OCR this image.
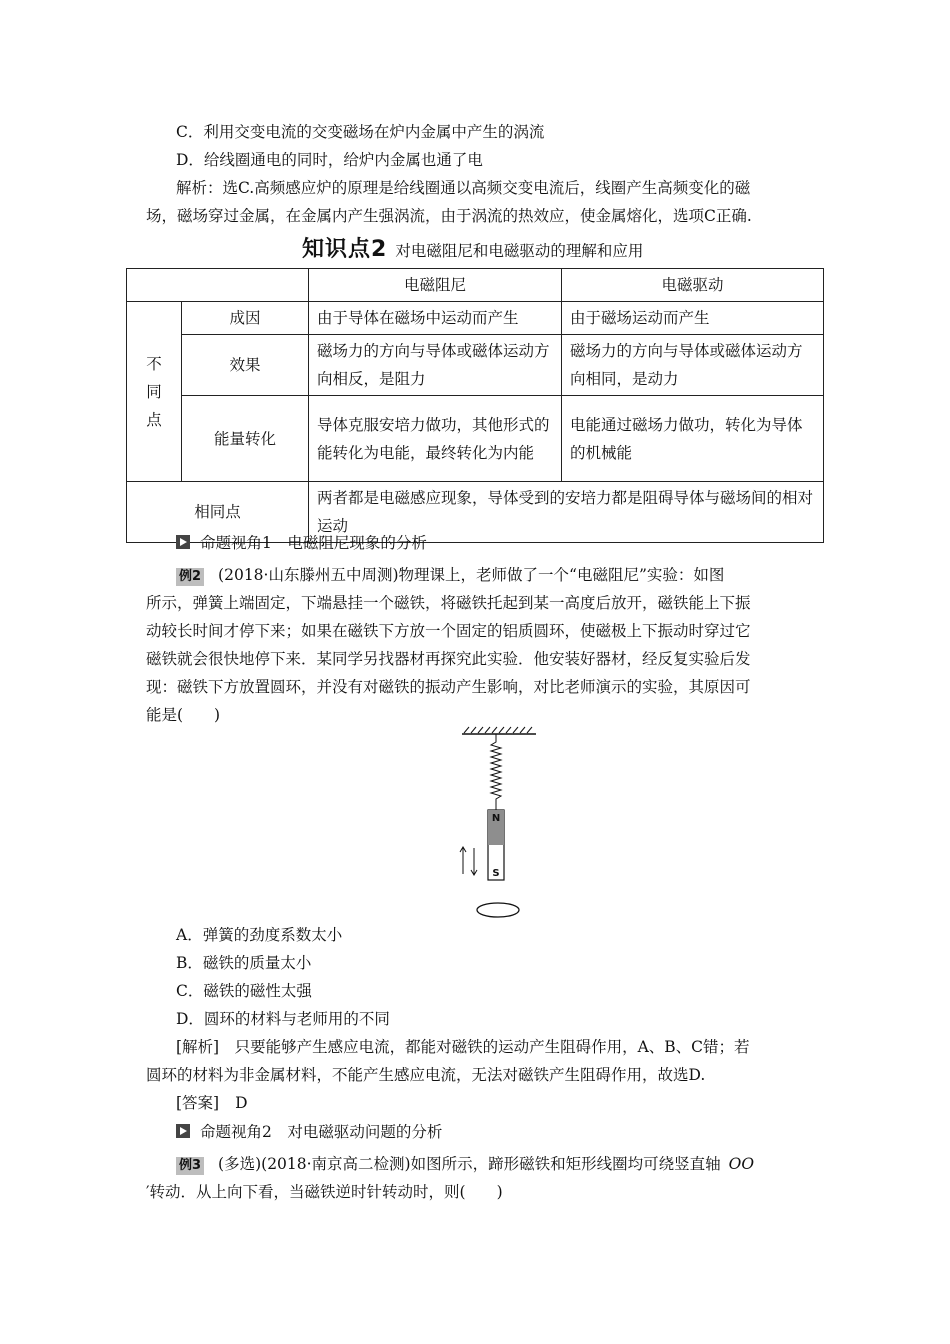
C．利用交变电流的交变磁场在炉内金属中产生的涡流
D．给线圈通电的同时，给炉内金属也通了电
解析：选C.高频感应炉的原理是给线圈通以高频交变电流后，线圈产生高频变化的磁
场，磁场穿过金属，在金属内产生强涡流，由于涡流的热效应，使金属熔化，选项C正确.
知识点2 对电磁阻尼和电磁驱动的理解和应用
		电磁阻尼	电磁驱动
不同点	成因	由于导体在磁场中运动而产生	由于磁场运动而产生
	效果	磁场力的方向与导体或磁体运动方向相反，是阻力	磁场力的方向与导体或磁体运动方向相同，是动力
	能量转化	导体克服安培力做功，其他形式的能转化为电能，最终转化为内能	电能通过磁场力做功，转化为导体的机械能
相同点		两者都是电磁感应现象，导体受到的安培力都是阻碍导体与磁场间的相对运动	
命题视角1　电磁阻尼现象的分析
例2 (2018·山东滕州五中周测)物理课上，老师做了一个“电磁阻尼”实验：如图
所示，弹簧上端固定，下端悬挂一个磁铁，将磁铁托起到某一高度后放开，磁铁能上下振
动较长时间才停下来；如果在磁铁下方放一个固定的铝质圆环，使磁极上下振动时穿过它
磁铁就会很快地停下来．某同学另找器材再探究此实验．他安装好器材，经反复实验后发
现：磁铁下方放置圆环，并没有对磁铁的振动产生影响，对比老师演示的实验，其原因可
能是(　　)
N
S
A．弹簧的劲度系数太小
B．磁铁的质量太小
C．磁铁的磁性太强
D．圆环的材料与老师用的不同
[解析]　只要能够产生感应电流，都能对磁铁的运动产生阻碍作用，A、B、C错；若
圆环的材料为非金属材料，不能产生感应电流，无法对磁铁产生阻碍作用，故选D.
[答案] D
命题视角2　对电磁驱动问题的分析
例3 (多选)(2018·南京高二检测)如图所示，蹄形磁铁和矩形线圈均可绕竖直轴 OO
′转动．从上向下看，当磁铁逆时针转动时，则(　　)
